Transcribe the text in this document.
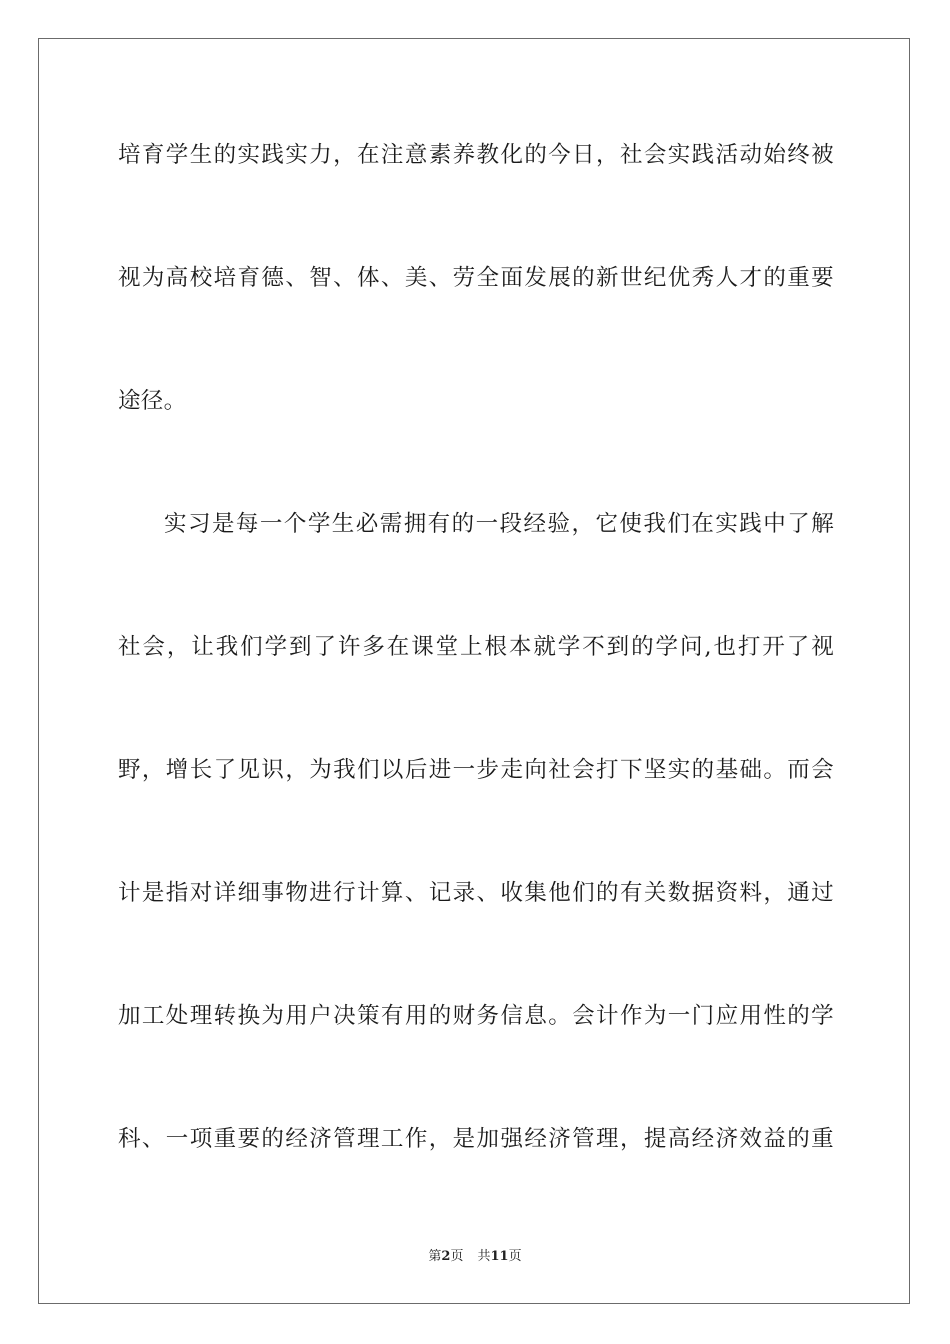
培育学生的实践实力，在注意素养教化的今日，社会实践活动始终被
视为高校培育德、智、体、美、劳全面发展的新世纪优秀人才的重要
途径。
实习是每一个学生必需拥有的一段经验，它使我们在实践中了解
社会，让我们学到了许多在课堂上根本就学不到的学问,也打开了视
野，增长了见识，为我们以后进一步走向社会打下坚实的基础。而会
计是指对详细事物进行计算、记录、收集他们的有关数据资料，通过
加工处理转换为用户决策有用的财务信息。会计作为一门应用性的学
科、一项重要的经济管理工作，是加强经济管理，提高经济效益的重
第2页 共11页
